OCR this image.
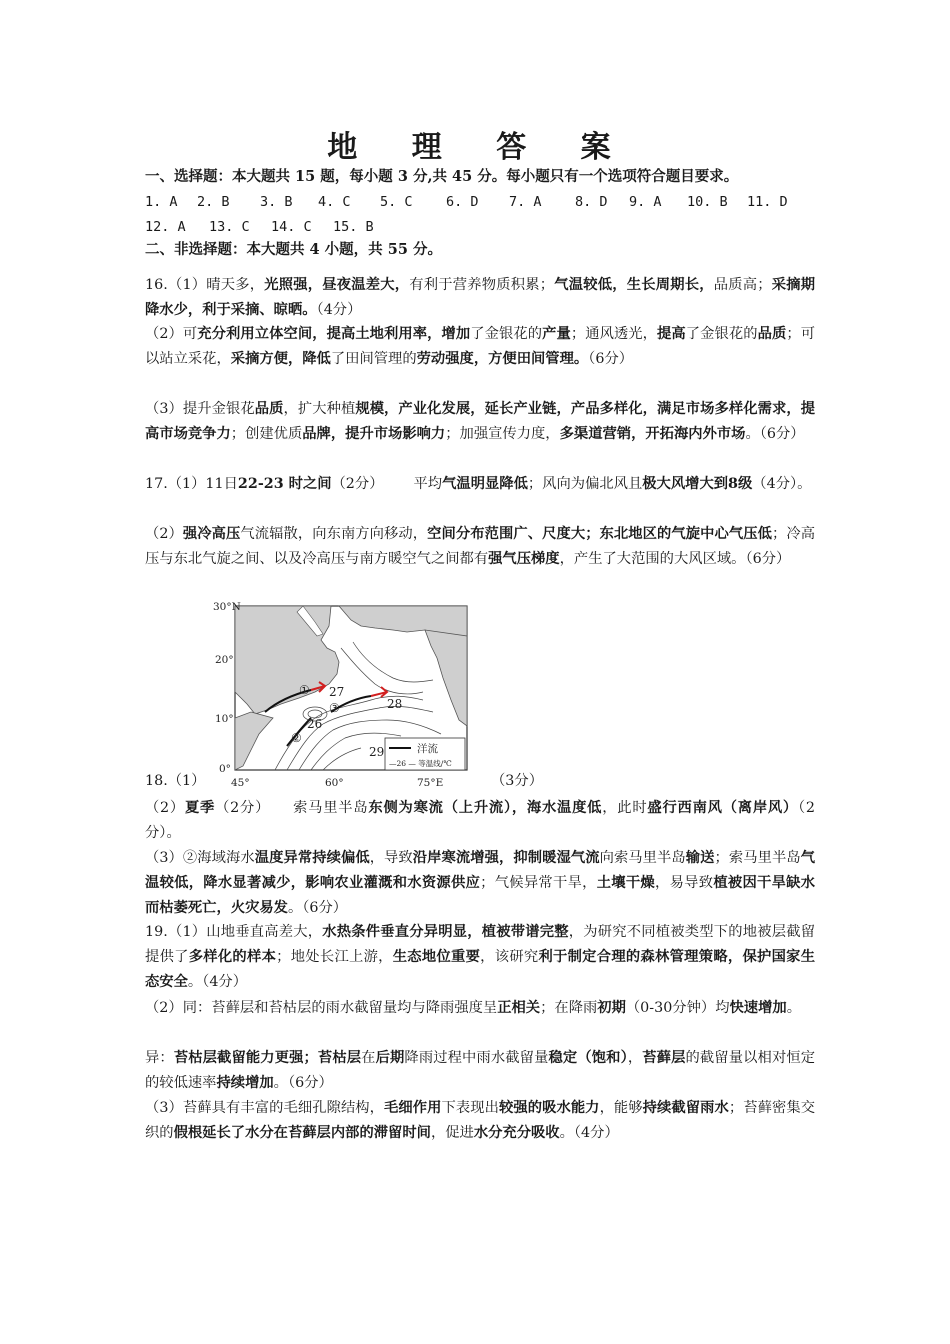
地 理 答 案
一、选择题：本大题共 15 题，每小题 3 分,共 45 分。每小题只有一个选项符合题目要求。
1. A 2. B 3. B 4. C 5. C 6. D 7. A 8. D 9. A 10. B 11. D
12. A 13. C 14. C 15. B
二、非选择题：本大题共 4 小题，共 55 分。
16.（1）晴天多，光照强，昼夜温差大，有利于营养物质积累；气温较低，生长周期长，品质高；采摘期降水少，利于采摘、晾晒。（4分）
（2）可充分利用立体空间，提高土地利用率，增加了金银花的产量；通风透光，提高了金银花的品质；可以站立采花，采摘方便，降低了田间管理的劳动强度，方便田间管理。（6分）
（3）提升金银花品质，扩大种植规模，产业化发展，延长产业链，产品多样化，满足市场多样化需求，提高市场竞争力；创建优质品牌，提升市场影响力；加强宣传力度，多渠道营销，开拓海内外市场。（6分）
17.（1）11日22-23 时之间（2分） 平均气温明显降低；风向为偏北风且极大风增大到8级（4分）。
（2）强冷高压气流辐散，向东南方向移动，空间分布范围广、尺度大；东北地区的气旋中心气压低；冷高压与东北气旋之间、以及冷高压与南方暖空气之间都有强气压梯度，产生了大范围的大风区域。（6分）
30°N
20°
10°
0°
45°	60°	75°E
27
28
26
29
①
②
③
洋流
—26 — 等温线/℃
18.（1）	（3分）
（2）夏季（2分）　　索马里半岛东侧为寒流（上升流），海水温度低，此时盛行西南风（离岸风）（2分）。
（3）②海域海水温度异常持续偏低，导致沿岸寒流增强，抑制暖湿气流向索马里半岛输送；索马里半岛气温较低，降水显著减少，影响农业灌溉和水资源供应；气候异常干旱，土壤干燥，易导致植被因干旱缺水而枯萎死亡，火灾易发。（6分）
19.（1）山地垂直高差大，水热条件垂直分异明显，植被带谱完整，为研究不同植被类型下的地被层截留提供了多样化的样本；地处长江上游，生态地位重要，该研究利于制定合理的森林管理策略，保护国家生态安全。（4分）
（2）同：苔藓层和苔枯层的雨水截留量均与降雨强度呈正相关；在降雨初期（0-30分钟）均快速增加。
异：苔枯层截留能力更强；苔枯层在后期降雨过程中雨水截留量稳定（饱和），苔藓层的截留量以相对恒定的较低速率持续增加。（6分）
（3）苔藓具有丰富的毛细孔隙结构，毛细作用下表现出较强的吸水能力，能够持续截留雨水；苔藓密集交织的假根延长了水分在苔藓层内部的滞留时间，促进水分充分吸收。（4分）
